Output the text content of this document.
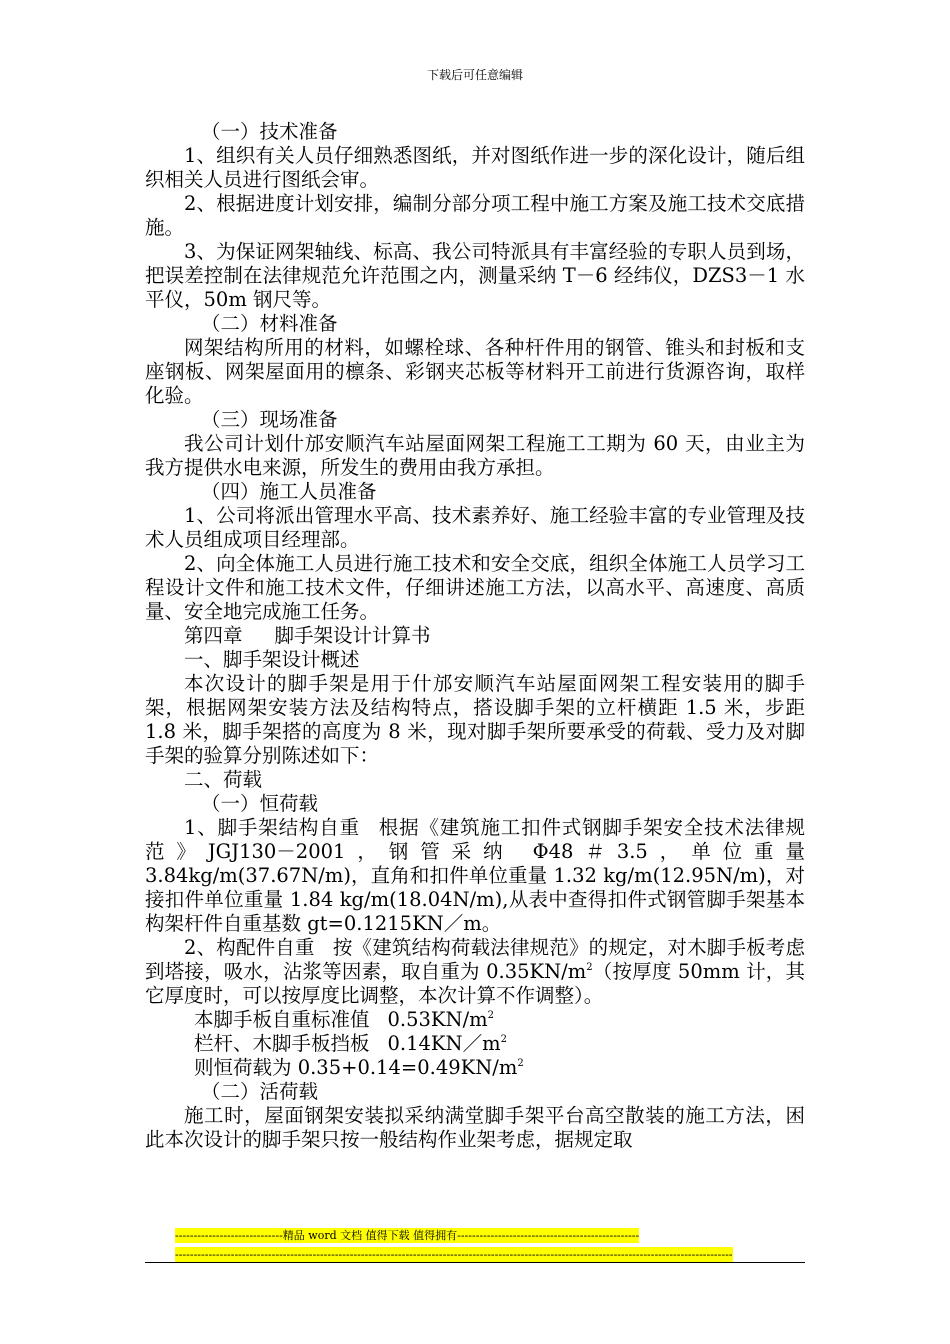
下载后可任意编辑

（一）技术准备

1、组织有关人员仔细熟悉图纸，并对图纸作进一步的深化设计，随后组织相关人员进行图纸会审。

2、根据进度计划安排，编制分部分项工程中施工方案及施工技术交底措施。

3、为保证网架轴线、标高、我公司特派具有丰富经验的专职人员到场，把误差控制在法律规范允许范围之内，测量采纳 T－6 经纬仪，DZS3－1 水平仪，50m 钢尺等。

（二）材料准备

网架结构所用的材料，如螺栓球、各种杆件用的钢管、锥头和封板和支座钢板、网架屋面用的檩条、彩钢夹芯板等材料开工前进行货源咨询，取样化验。

（三）现场准备

我公司计划什邡安顺汽车站屋面网架工程施工工期为 60 天，由业主为我方提供水电来源，所发生的费用由我方承担。

（四）施工人员准备

1、公司将派出管理水平高、技术素养好、施工经验丰富的专业管理及技术人员组成项目经理部。

2、向全体施工人员进行施工技术和安全交底，组织全体施工人员学习工程设计文件和施工技术文件，仔细讲述施工方法，以高水平、高速度、高质量、安全地完成施工任务。

第四章 脚手架设计计算书

一、脚手架设计概述

本次设计的脚手架是用于什邡安顺汽车站屋面网架工程安装用的脚手架，根据网架安装方法及结构特点，搭设脚手架的立杆横距 1.5 米，步距 1.8 米，脚手架搭的高度为 8 米，现对脚手架所要承受的荷载、受力及对脚手架的验算分别陈述如下：

二、荷载

（一）恒荷载

1、脚手架结构自重 根据《建筑施工扣件式钢脚手架安全技术法律规范》JGJ130－2001，钢管采纳 Φ48＃3.5，单位重量 3.84kg/m(37.67N/m)，直角和扣件单位重量 1.32 kg/m(12.95N/m)，对接扣件单位重量 1.84 kg/m(18.04N/m),从表中查得扣件式钢管脚手架基本构架杆件自重基数 gt=0.1215KN／m。

2、构配件自重 按《建筑结构荷载法律规范》的规定，对木脚手板考虑到塔接，吸水，沾浆等因素，取自重为 $0.35KN/m^2$（按厚度 50mm 计，其它厚度时，可以按厚度比调整，本次计算不作调整）。

本脚手板自重标准值 $0.53KN/m^2$

栏杆、木脚手板挡板 $0.14KN/m^2$

则恒荷载为 $0.35+0.14=0.49KN/m^2$

（二）活荷载

施工时，屋面钢架安装拟采纳满堂脚手架平台高空散装的施工方法，困此本次设计的脚手架只按一般结构作业架考虑，据规定取

-----------------------------精品 word 文档 值得下载 值得拥有-------------------------------------------------
------------------------------------------------------------------------------------------------------------------------------------------------------
